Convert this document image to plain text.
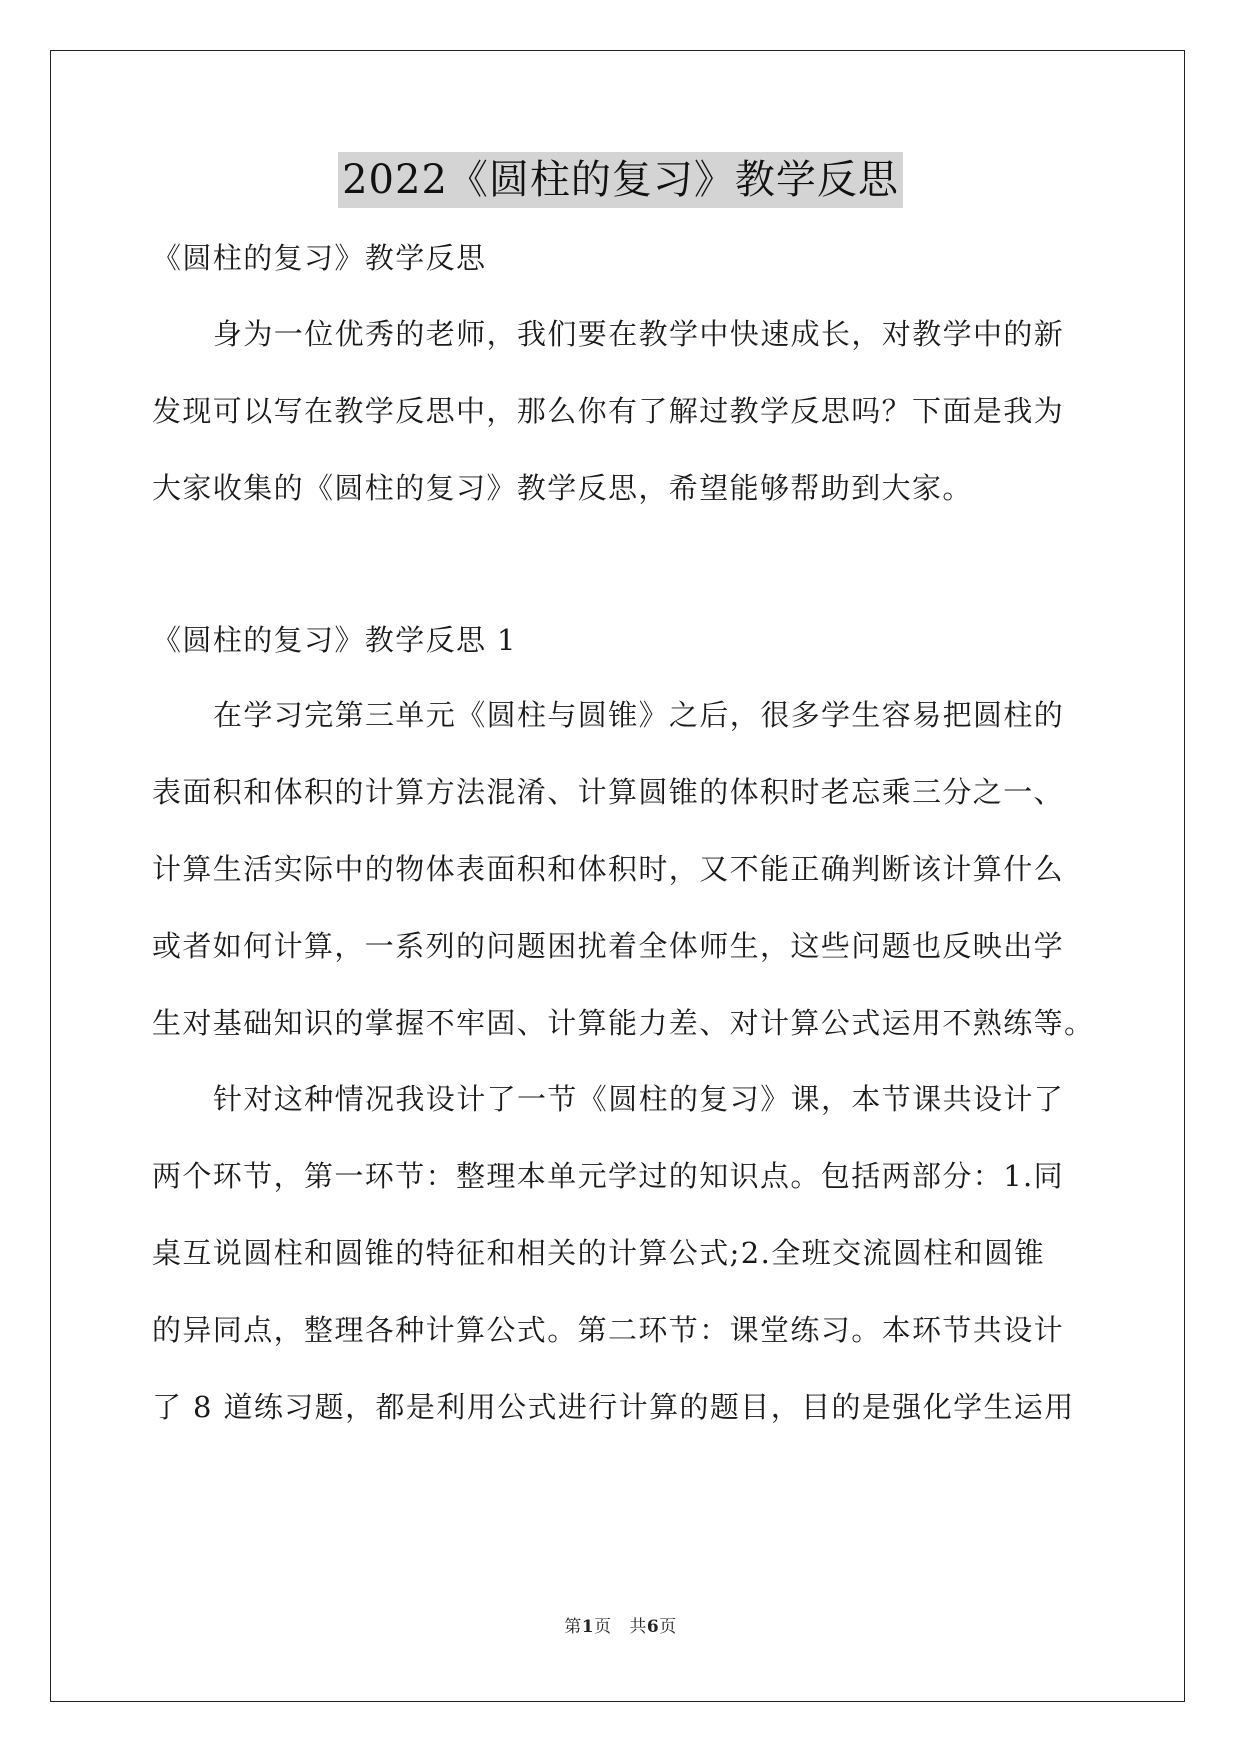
2022《圆柱的复习》教学反思
《圆柱的复习》教学反思
身为一位优秀的老师，我们要在教学中快速成长，对教学中的新
发现可以写在教学反思中，那么你有了解过教学反思吗？下面是我为
大家收集的《圆柱的复习》教学反思，希望能够帮助到大家。
《圆柱的复习》教学反思 1
在学习完第三单元《圆柱与圆锥》之后，很多学生容易把圆柱的
表面积和体积的计算方法混淆、计算圆锥的体积时老忘乘三分之一、
计算生活实际中的物体表面积和体积时，又不能正确判断该计算什么
或者如何计算，一系列的问题困扰着全体师生，这些问题也反映出学
生对基础知识的掌握不牢固、计算能力差、对计算公式运用不熟练等。
针对这种情况我设计了一节《圆柱的复习》课，本节课共设计了
两个环节，第一环节：整理本单元学过的知识点。包括两部分：1.同
桌互说圆柱和圆锥的特征和相关的计算公式;2.全班交流圆柱和圆锥
的异同点，整理各种计算公式。第二环节：课堂练习。本环节共设计
了 8 道练习题，都是利用公式进行计算的题目，目的是强化学生运用
第1页 共6页
